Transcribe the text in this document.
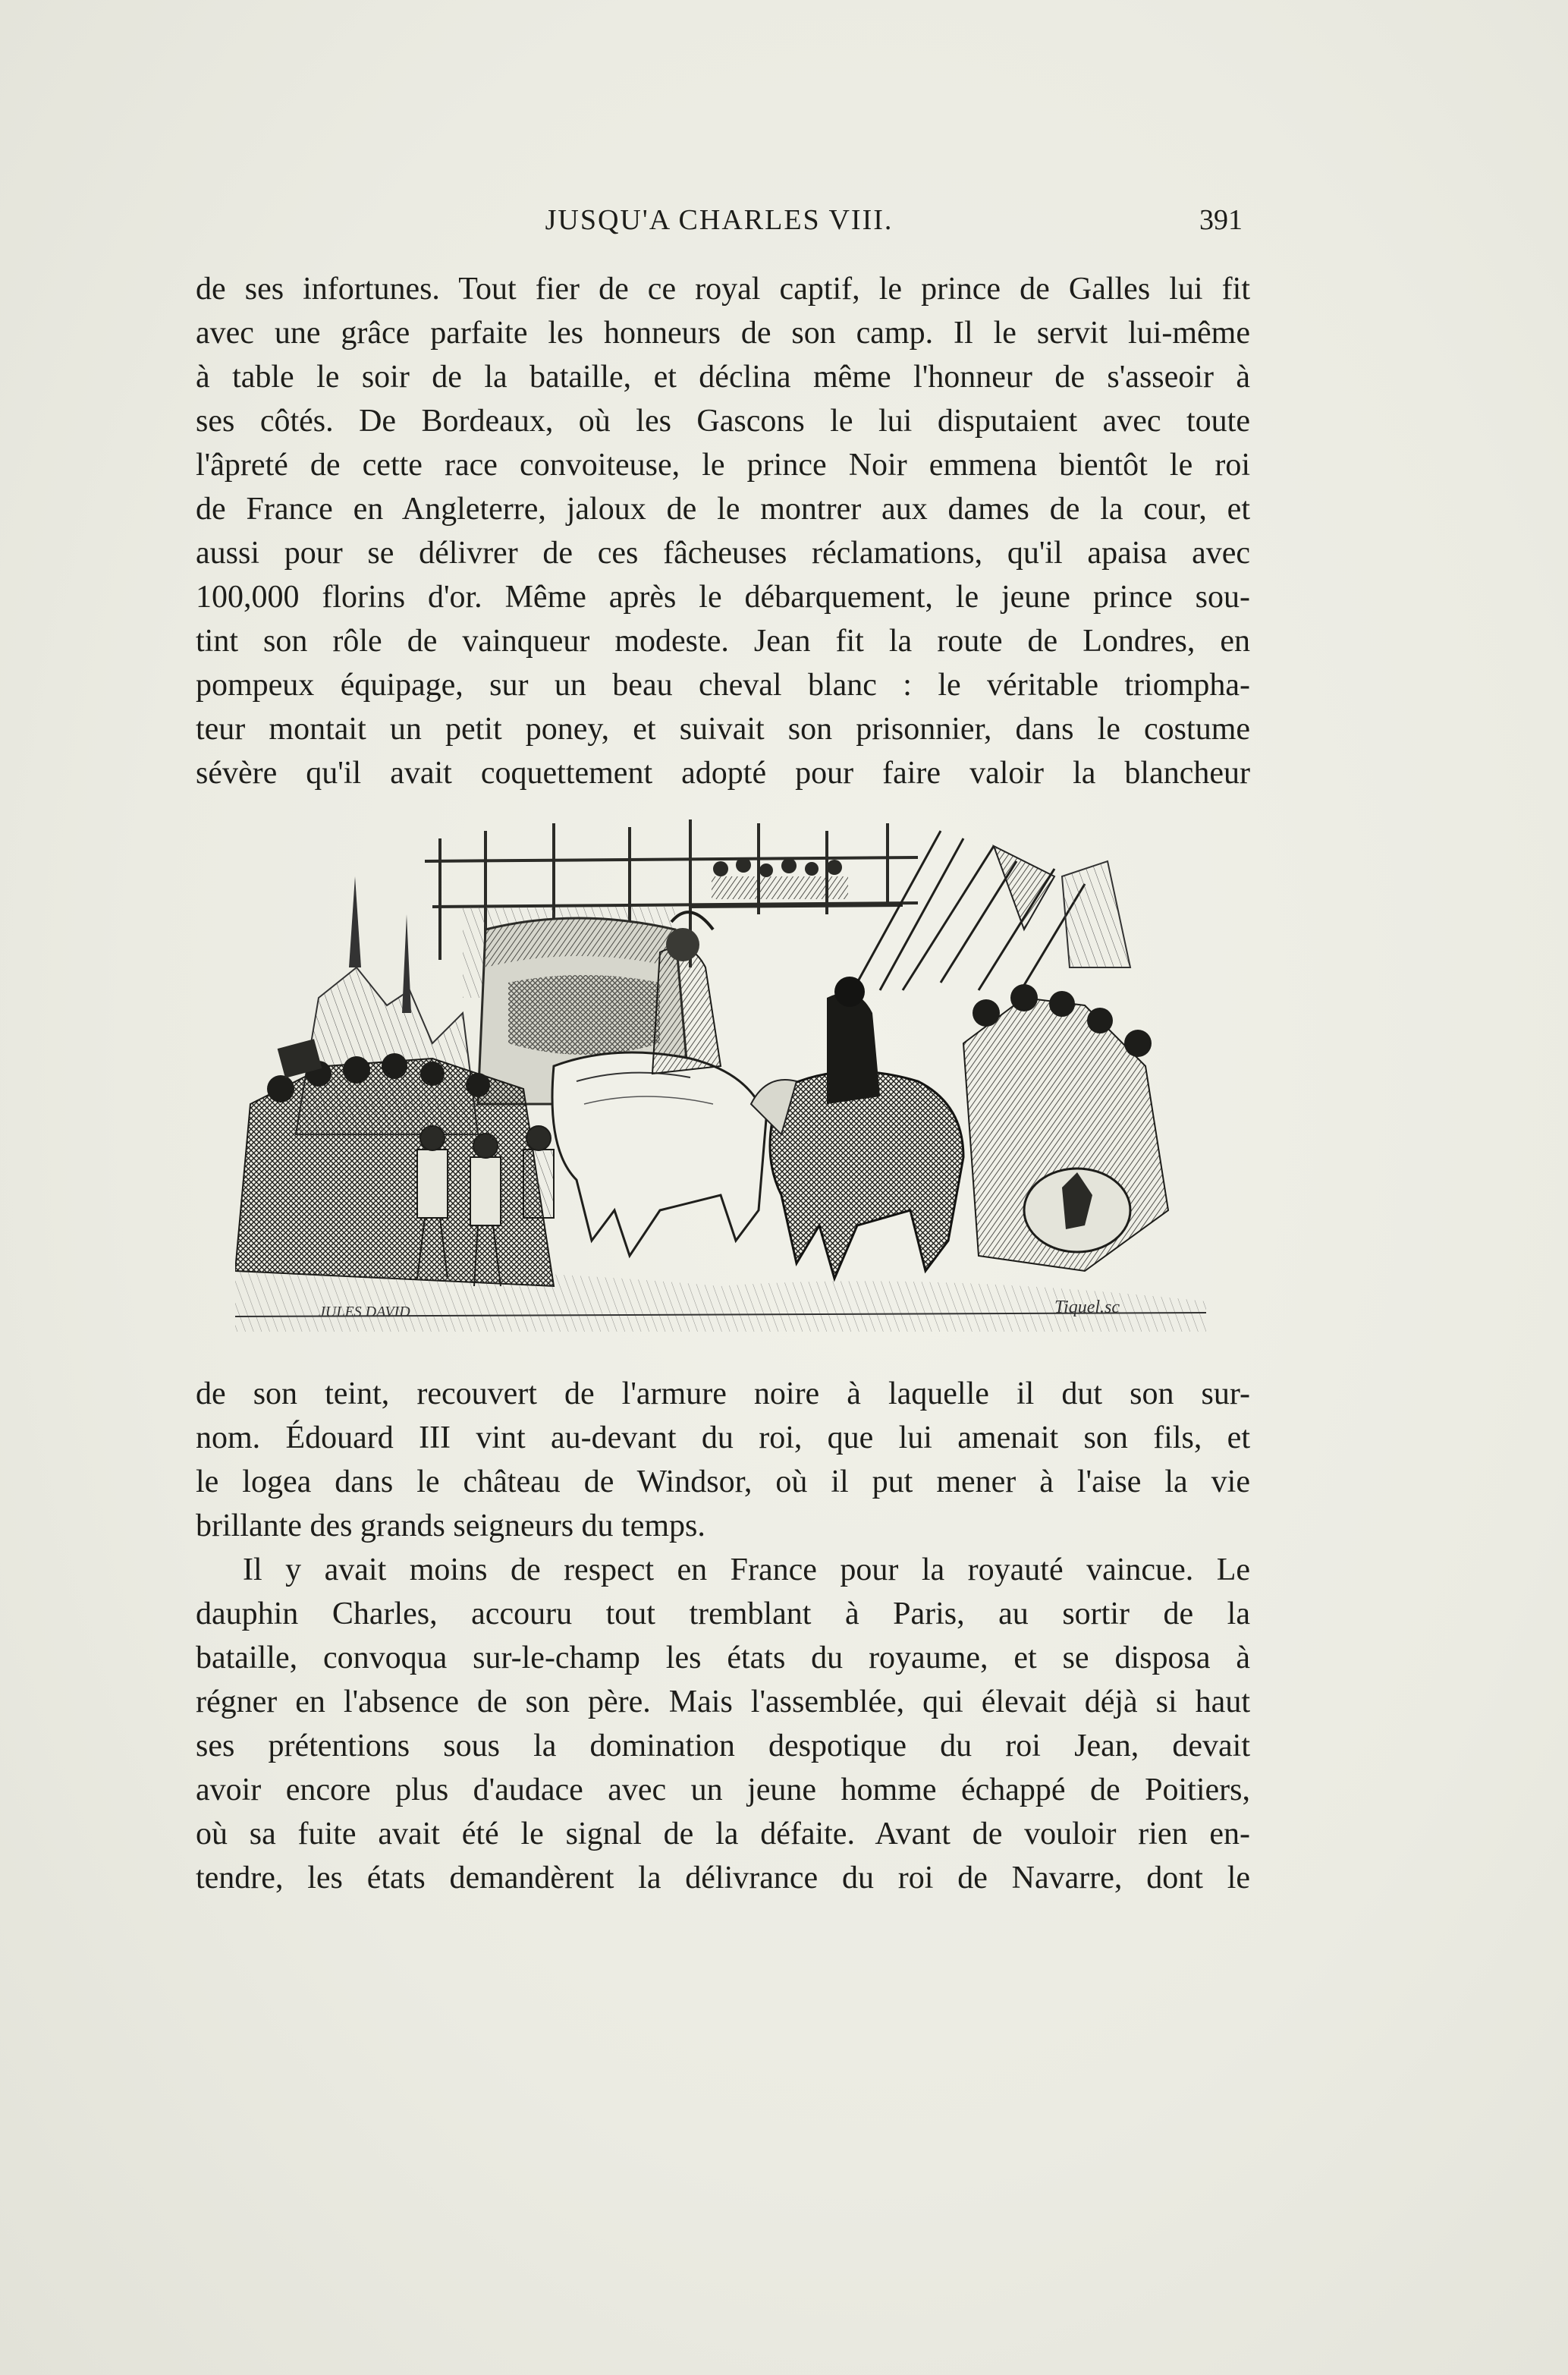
JUSQU'A CHARLES VIII.	391
de ses infortunes. Tout fier de ce royal captif, le prince de Galles lui fit
avec une grâce parfaite les honneurs de son camp. Il le servit lui-même
à table le soir de la bataille, et déclina même l'honneur de s'asseoir à
ses côtés. De Bordeaux, où les Gascons le lui disputaient avec toute
l'âpreté de cette race convoiteuse, le prince Noir emmena bientôt le roi
de France en Angleterre, jaloux de le montrer aux dames de la cour, et
aussi pour se délivrer de ces fâcheuses réclamations, qu'il apaisa avec
100,000 florins d'or. Même après le débarquement, le jeune prince sou-
tint son rôle de vainqueur modeste. Jean fit la route de Londres, en
pompeux équipage, sur un beau cheval blanc : le véritable triompha-
teur montait un petit poney, et suivait son prisonnier, dans le costume
sévère qu'il avait coquettement adopté pour faire valoir la blancheur
JULES DAVID	Tiquel.sc
de son teint, recouvert de l'armure noire à laquelle il dut son sur-
nom. Édouard III vint au-devant du roi, que lui amenait son fils, et
le logea dans le château de Windsor, où il put mener à l'aise la vie
brillante des grands seigneurs du temps.
Il y avait moins de respect en France pour la royauté vaincue. Le
dauphin Charles, accouru tout tremblant à Paris, au sortir de la
bataille, convoqua sur-le-champ les états du royaume, et se disposa à
régner en l'absence de son père. Mais l'assemblée, qui élevait déjà si haut
ses prétentions sous la domination despotique du roi Jean, devait
avoir encore plus d'audace avec un jeune homme échappé de Poitiers,
où sa fuite avait été le signal de la défaite. Avant de vouloir rien en-
tendre, les états demandèrent la délivrance du roi de Navarre, dont le
